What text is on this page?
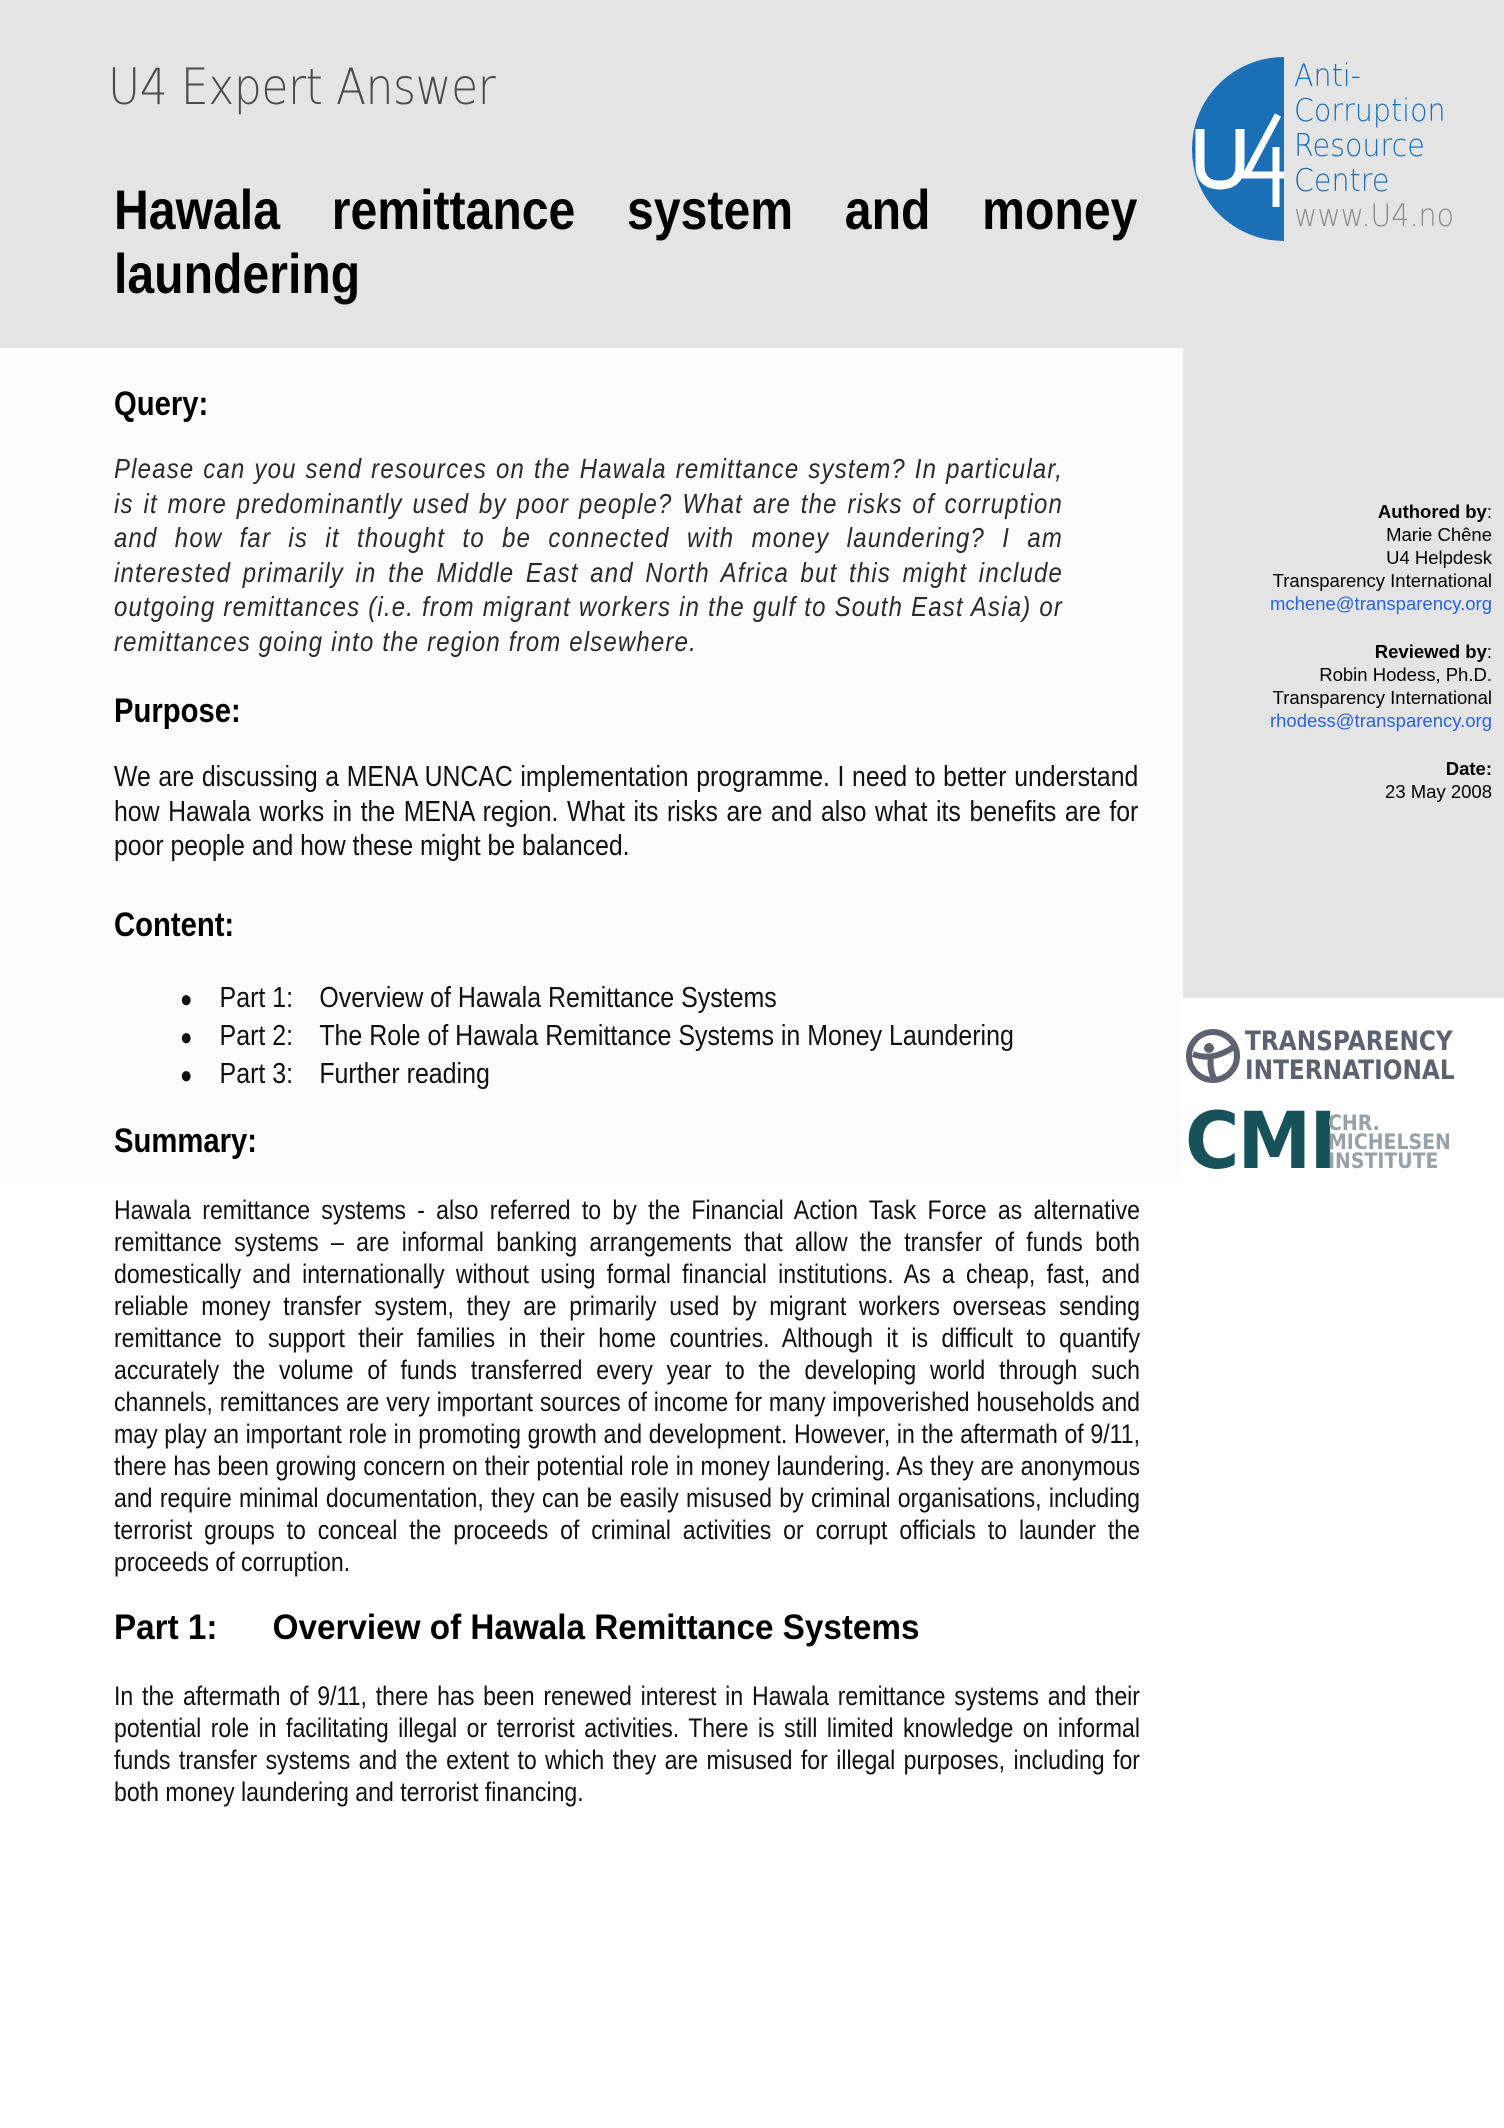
U4 Expert Answer
Hawala remittance system and money laundering
Anti-
Corruption
Resource
Centre
www.U4.no
Query:
Please can you send resources on the Hawala remittance system? In particular, is it more predominantly used by poor people? What are the risks of corruption and how far is it thought to be connected with money laundering? I am interested primarily in the Middle East and North Africa but this might include outgoing remittances (i.e. from migrant workers in the gulf to South East Asia) or remittances going into the region from elsewhere.
Purpose:
We are discussing a MENA UNCAC implementation programme. I need to better understand how Hawala works in the MENA region. What its risks are and also what its benefits are for poor people and how these might be balanced.
Content:
● Part 1: Overview of Hawala Remittance Systems
● Part 2: The Role of Hawala Remittance Systems in Money Laundering
● Part 3: Further reading
Summary:
Hawala remittance systems - also referred to by the Financial Action Task Force as alternative remittance systems – are informal banking arrangements that allow the transfer of funds both domestically and internationally without using formal financial institutions. As a cheap, fast, and reliable money transfer system, they are primarily used by migrant workers overseas sending remittance to support their families in their home countries. Although it is difficult to quantify accurately the volume of funds transferred every year to the developing world through such channels, remittances are very important sources of income for many impoverished households and may play an important role in promoting growth and development. However, in the aftermath of 9/11, there has been growing concern on their potential role in money laundering. As they are anonymous and require minimal documentation, they can be easily misused by criminal organisations, including terrorist groups to conceal the proceeds of criminal activities or corrupt officials to launder the proceeds of corruption.
Part 1:	Overview of Hawala Remittance Systems
In the aftermath of 9/11, there has been renewed interest in Hawala remittance systems and their potential role in facilitating illegal or terrorist activities. There is still limited knowledge on informal funds transfer systems and the extent to which they are misused for illegal purposes, including for both money laundering and terrorist financing.
Authored by:
Marie Chêne
U4 Helpdesk
Transparency International
mchene@transparency.org
Reviewed by:
Robin Hodess, Ph.D.
Transparency International
rhodess@transparency.org
Date:
23 May 2008
TRANSPARENCY
INTERNATIONAL
CMI
CHR.
MICHELSEN
INSTITUTE
